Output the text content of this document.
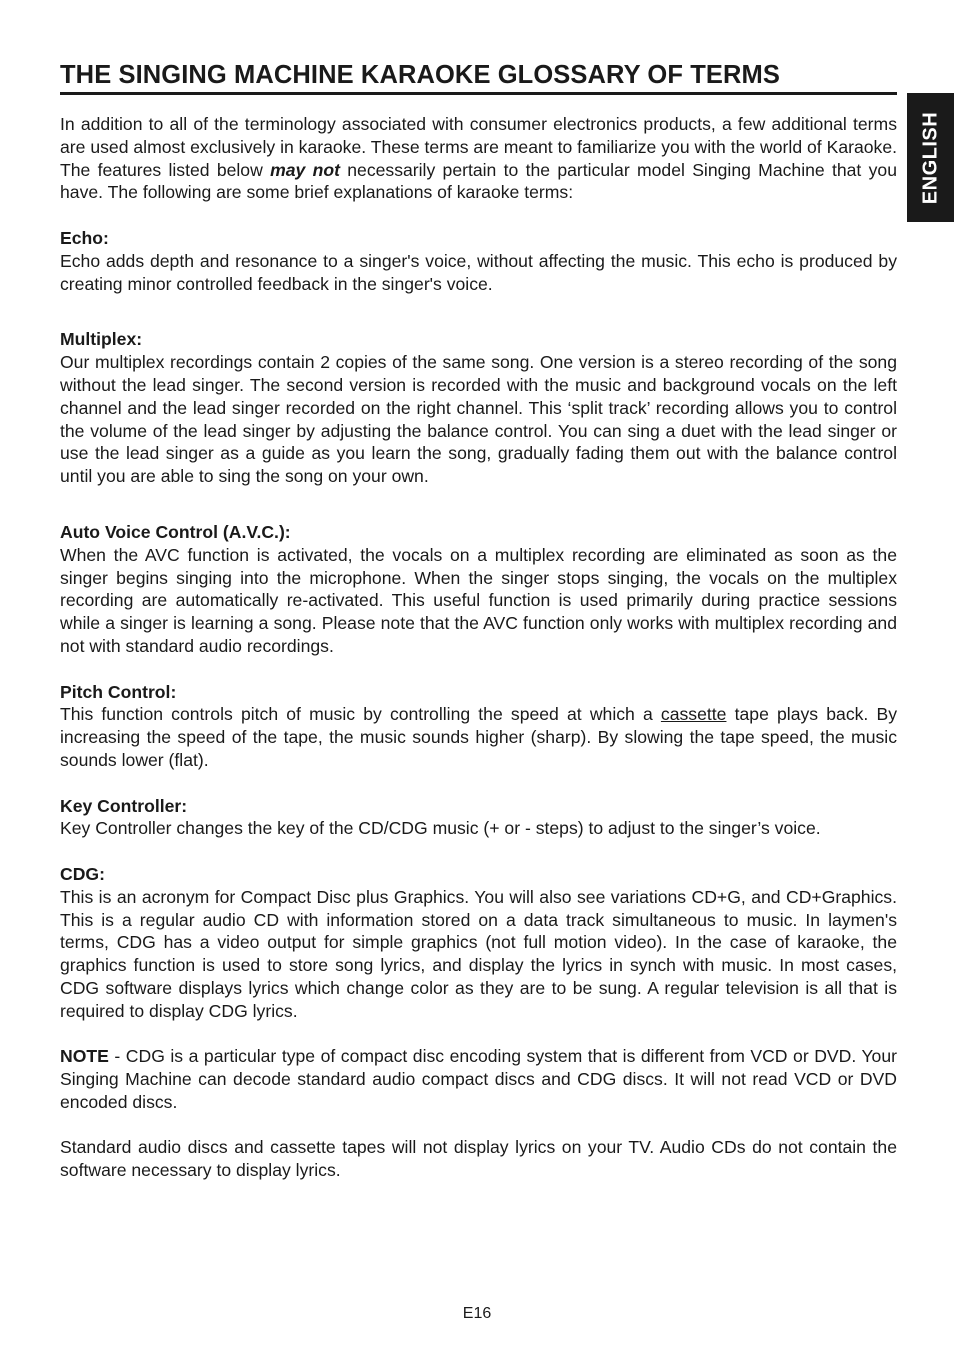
ENGLISH
THE SINGING MACHINE KARAOKE GLOSSARY OF TERMS

In addition to all of the terminology associated with consumer electronics products, a few additional terms are used almost exclusively in karaoke. These terms are meant to familiarize you with the world of Karaoke. The features listed below may not necessarily pertain to the particular model Singing Machine that you have. The following are some brief explanations of karaoke terms:

Echo:

Echo adds depth and resonance to a singer's voice, without affecting the music. This echo is produced by creating minor controlled feedback in the singer's voice.

Multiplex:

Our multiplex recordings contain 2 copies of the same song. One version is a stereo recording of the song without the lead singer. The second version is recorded with the music and background vocals on the left channel and the lead singer recorded on the right channel. This ‘split track’ recording allows you to control the volume of the lead singer by adjusting the balance control. You can sing a duet with the lead singer or use the lead singer as a guide as you learn the song, gradually fading them out with the balance control until you are able to sing the song on your own.

Auto Voice Control (A.V.C.):

When the AVC function is activated, the vocals on a multiplex recording are eliminated as soon as the singer begins singing into the microphone. When the singer stops singing, the vocals on the multiplex recording are automatically re-activated. This useful function is used primarily during practice sessions while a singer is learning a song. Please note that the AVC function only works with multiplex recording and not with standard audio recordings.

Pitch Control:

This function controls pitch of music by controlling the speed at which a cassette tape plays back. By increasing the speed of the tape, the music sounds higher (sharp). By slowing the tape speed, the music sounds lower (flat).

Key Controller:

Key Controller changes the key of the CD/CDG music (+ or - steps) to adjust to the singer’s voice.

CDG:

This is an acronym for Compact Disc plus Graphics. You will also see variations CD+G, and CD+Graphics. This is a regular audio CD with information stored on a data track simultaneous to music. In laymen's terms, CDG has a video output for simple graphics (not full motion video). In the case of karaoke, the graphics function is used to store song lyrics, and display the lyrics in synch with music. In most cases, CDG software displays lyrics which change color as they are to be sung. A regular television is all that is required to display CDG lyrics.

NOTE - CDG is a particular type of compact disc encoding system that is different from VCD or DVD. Your Singing Machine can decode standard audio compact discs and CDG discs. It will not read VCD or DVD encoded discs.

Standard audio discs and cassette tapes will not display lyrics on your TV. Audio CDs do not contain the software necessary to display lyrics.

E16
